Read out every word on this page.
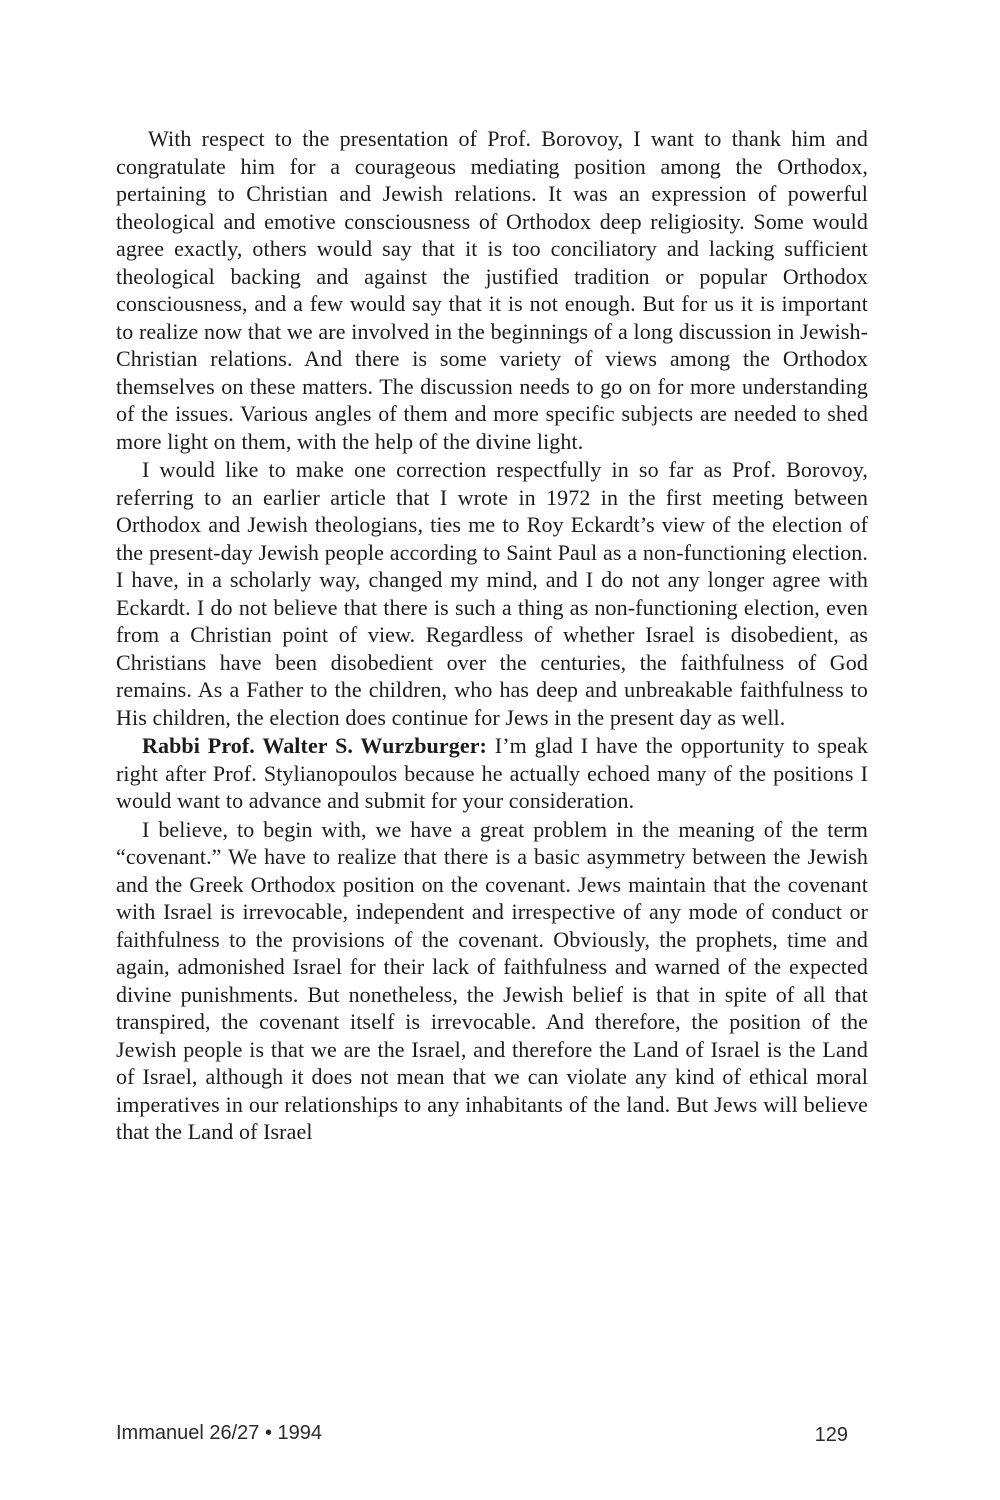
With respect to the presentation of Prof. Borovoy, I want to thank him and congratulate him for a courageous mediating position among the Orthodox, pertaining to Christian and Jewish relations. It was an expression of powerful theological and emotive consciousness of Orthodox deep religiosity. Some would agree exactly, others would say that it is too conciliatory and lacking sufficient theological backing and against the justified tradition or popular Orthodox consciousness, and a few would say that it is not enough. But for us it is important to realize now that we are involved in the beginnings of a long discussion in Jewish-Christian relations. And there is some variety of views among the Orthodox themselves on these matters. The discussion needs to go on for more understanding of the issues. Various angles of them and more specific subjects are needed to shed more light on them, with the help of the divine light.

I would like to make one correction respectfully in so far as Prof. Borovoy, referring to an earlier article that I wrote in 1972 in the first meeting between Orthodox and Jewish theologians, ties me to Roy Eckardt’s view of the election of the present-day Jewish people according to Saint Paul as a non-functioning election. I have, in a scholarly way, changed my mind, and I do not any longer agree with Eckardt. I do not believe that there is such a thing as non-functioning election, even from a Christian point of view. Regardless of whether Israel is disobedient, as Christians have been disobedient over the centuries, the faithfulness of God remains. As a Father to the children, who has deep and unbreakable faithfulness to His children, the election does continue for Jews in the present day as well.

Rabbi Prof. Walter S. Wurzburger: I’m glad I have the opportunity to speak right after Prof. Stylianopoulos because he actually echoed many of the positions I would want to advance and submit for your consideration.

I believe, to begin with, we have a great problem in the meaning of the term “covenant.” We have to realize that there is a basic asymmetry between the Jewish and the Greek Orthodox position on the covenant. Jews maintain that the covenant with Israel is irrevocable, independent and irrespective of any mode of conduct or faithfulness to the provisions of the covenant. Obviously, the prophets, time and again, admonished Israel for their lack of faithfulness and warned of the expected divine punishments. But nonetheless, the Jewish belief is that in spite of all that transpired, the covenant itself is irrevocable. And therefore, the position of the Jewish people is that we are the Israel, and therefore the Land of Israel is the Land of Israel, although it does not mean that we can violate any kind of ethical moral imperatives in our relationships to any inhabitants of the land. But Jews will believe that the Land of Israel

Immanuel 26/27 • 1994	129
